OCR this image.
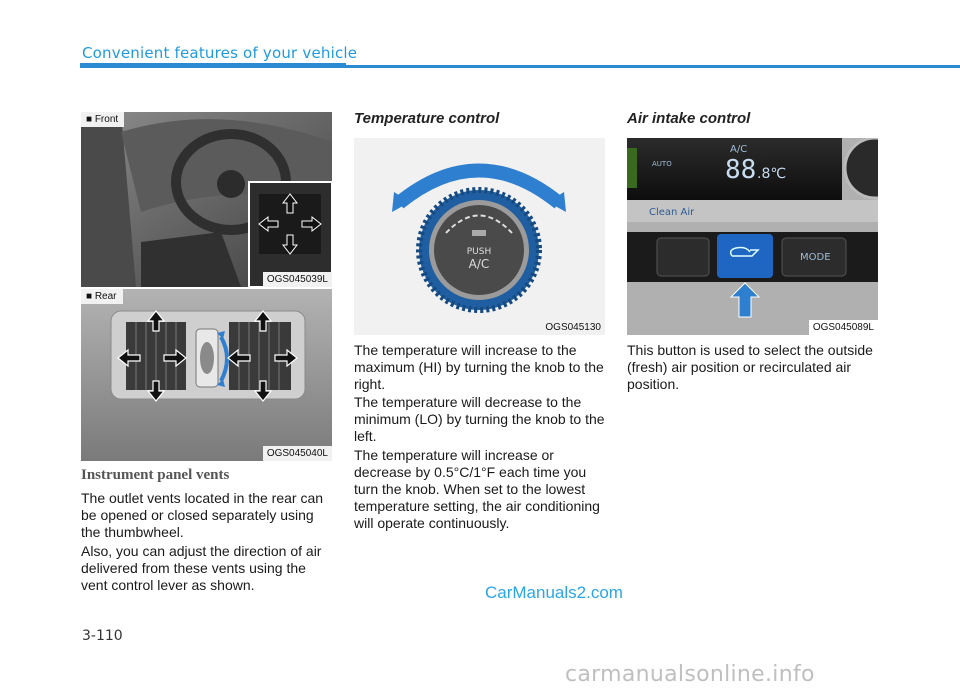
Convenient features of your vehicle
■ Front
OGS045039L
■ Rear
OGS045040L
PUSH
A/C
OGS045130
AUTO
A/C
88 .8℃
Clean Air
MODE
OGS045089L
Instrument panel vents

The outlet vents located in the rear can be opened or closed separately using the thumbwheel.

Also, you can adjust the direction of air delivered from these vents using the vent control lever as shown.

Temperature control

The temperature will increase to the maximum (HI) by turning the knob to the right.

The temperature will decrease to the minimum (LO) by turning the knob to the left.

The temperature will increase or decrease by 0.5°C/1°F each time you turn the knob. When set to the lowest temperature setting, the air conditioning will operate continuously.

Air intake control

This button is used to select the outside (fresh) air position or recirculated air position.

CarManuals2.com
3-110
carmanualsonline.info
